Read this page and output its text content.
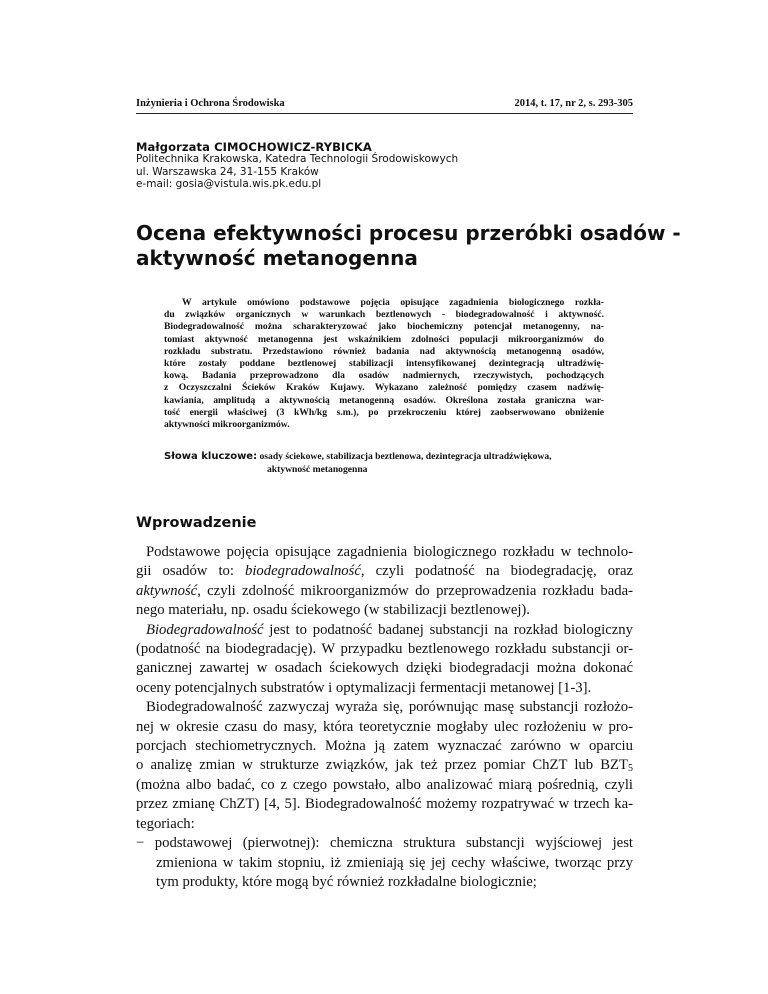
Inżynieria i Ochrona Środowiska	2014, t. 17, nr 2, s. 293-305
Małgorzata CIMOCHOWICZ-RYBICKA
Politechnika Krakowska, Katedra Technologii Środowiskowych
ul. Warszawska 24, 31-155 Kraków
e-mail: gosia@vistula.wis.pk.edu.pl
Ocena efektywności procesu przeróbki osadów -
aktywność metanogenna
W artykule omówiono podstawowe pojęcia opisujące zagadnienia biologicznego rozkła-
du związków organicznych w warunkach beztlenowych - biodegradowalność i aktywność.
Biodegradowalność można scharakteryzować jako biochemiczny potencjał metanogenny, na-
tomiast aktywność metanogenna jest wskaźnikiem zdolności populacji mikroorganizmów do
rozkładu substratu. Przedstawiono również badania nad aktywnością metanogenną osadów,
które zostały poddane beztlenowej stabilizacji intensyfikowanej dezintegracją ultradźwię-
kową. Badania przeprowadzono dla osadów nadmiernych, rzeczywistych, pochodzących
z Oczyszczalni Ścieków Kraków Kujawy. Wykazano zależność pomiędzy czasem nadźwię-
kawiania, amplitudą a aktywnością metanogenną osadów. Określona została graniczna war-
tość energii właściwej (3 kWh/kg s.m.), po przekroczeniu której zaobserwowano obniżenie
aktywności mikroorganizmów.
Słowa kluczowe: osady ściekowe, stabilizacja beztlenowa, dezintegracja ultradźwiękowa,
aktywność metanogenna
Wprowadzenie
Podstawowe pojęcia opisujące zagadnienia biologicznego rozkładu w technolo-
gii osadów to: biodegradowalność, czyli podatność na biodegradację, oraz
aktywność, czyli zdolność mikroorganizmów do przeprowadzenia rozkładu bada-
nego materiału, np. osadu ściekowego (w stabilizacji beztlenowej).
Biodegradowalność jest to podatność badanej substancji na rozkład biologiczny
(podatność na biodegradację). W przypadku beztlenowego rozkładu substancji or-
ganicznej zawartej w osadach ściekowych dzięki biodegradacji można dokonać
oceny potencjalnych substratów i optymalizacji fermentacji metanowej [1-3].
Biodegradowalność zazwyczaj wyraża się, porównując masę substancji rozłożo-
nej w okresie czasu do masy, która teoretycznie mogłaby ulec rozłożeniu w pro-
porcjach stechiometrycznych. Można ją zatem wyznaczać zarówno w oparciu
o analizę zmian w strukturze związków, jak też przez pomiar ChZT lub $BZT_5$
(można albo badać, co z czego powstało, albo analizować miarą pośrednią, czyli
przez zmianę ChZT) [4, 5]. Biodegradowalność możemy rozpatrywać w trzech ka-
tegoriach:
− podstawowej (pierwotnej): chemiczna struktura substancji wyjściowej jest
zmieniona w takim stopniu, iż zmieniają się jej cechy właściwe, tworząc przy
tym produkty, które mogą być również rozkładalne biologicznie;
